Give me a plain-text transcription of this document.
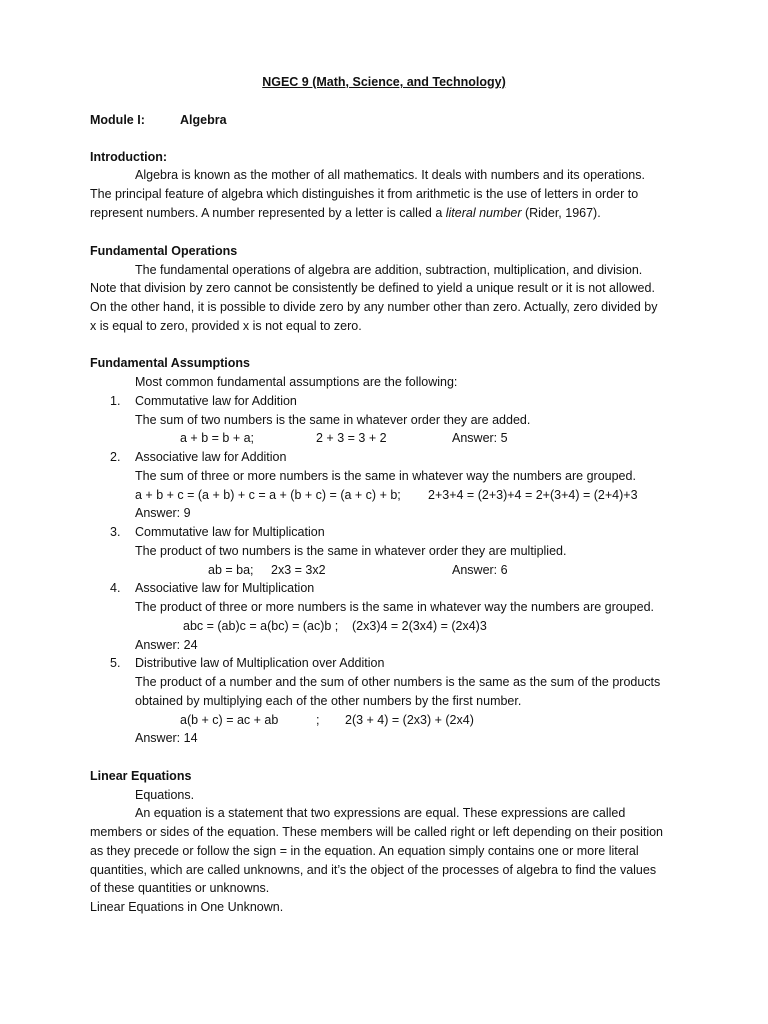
NGEC 9 (Math, Science, and Technology)
Module I:	Algebra
Introduction:
Algebra is known as the mother of all mathematics. It deals with numbers and its operations.
The principal feature of algebra which distinguishes it from arithmetic is the use of letters in order to
represent numbers. A number represented by a letter is called a literal number (Rider, 1967).
Fundamental Operations
The fundamental operations of algebra are addition, subtraction, multiplication, and division.
Note that division by zero cannot be consistently be defined to yield a unique result or it is not allowed.
On the other hand, it is possible to divide zero by any number other than zero. Actually, zero divided by
x is equal to zero, provided x is not equal to zero.
Fundamental Assumptions
Most common fundamental assumptions are the following:
1. Commutative law for Addition
The sum of two numbers is the same in whatever order they are added.
a + b = b + a;	2 + 3 = 3 + 2	Answer: 5
2. Associative law for Addition
The sum of three or more numbers is the same in whatever way the numbers are grouped.
a + b + c = (a + b) + c = a + (b + c) = (a + c) + b; 2+3+4 = (2+3)+4 = 2+(3+4) = (2+4)+3
Answer: 9
3. Commutative law for Multiplication
The product of two numbers is the same in whatever order they are multiplied.
ab = ba; 2x3 = 3x2	Answer: 6
4. Associative law for Multiplication
The product of three or more numbers is the same in whatever way the numbers are grouped.
abc = (ab)c = a(bc) = (ac)b ; (2x3)4 = 2(3x4) = (2x4)3
Answer: 24
5. Distributive law of Multiplication over Addition
The product of a number and the sum of other numbers is the same as the sum of the products
obtained by multiplying each of the other numbers by the first number.
a(b + c) = ac + ab	; 2(3 + 4) = (2x3) + (2x4)
Answer: 14
Linear Equations
Equations.
An equation is a statement that two expressions are equal. These expressions are called
members or sides of the equation. These members will be called right or left depending on their position
as they precede or follow the sign = in the equation. An equation simply contains one or more literal
quantities, which are called unknowns, and it’s the object of the processes of algebra to find the values
of these quantities or unknowns.
Linear Equations in One Unknown.
